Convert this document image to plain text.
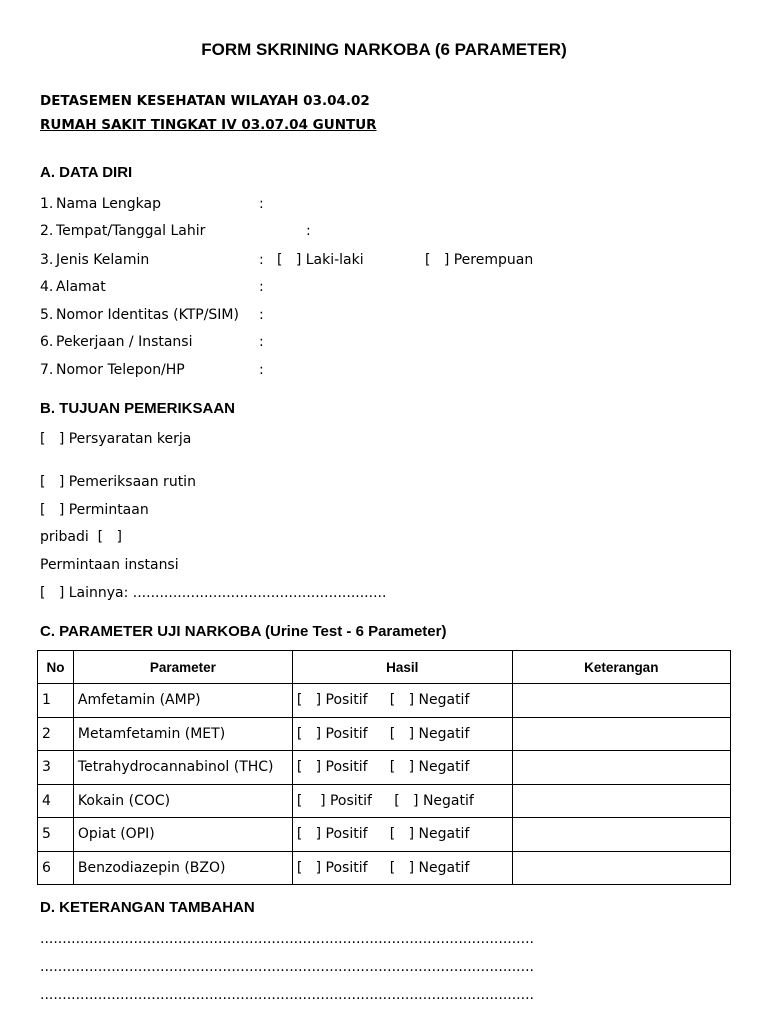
FORM SKRINING NARKOBA (6 PARAMETER)
DETASEMEN KESEHATAN WILAYAH 03.04.02
RUMAH SAKIT TINGKAT IV 03.07.04 GUNTUR
A. DATA DIRI
1. Nama Lengkap	:
2. Tempat/Tanggal Lahir	:
3. Jenis Kelamin	: [   ] Laki-laki	[   ] Perempuan
4. Alamat	:
5. Nomor Identitas (KTP/SIM) :
6. Pekerjaan / Instansi	:
7. Nomor Telepon/HP	:
B. TUJUAN PEMERIKSAAN
[   ] Persyaratan kerja
[   ] Pemeriksaan rutin
[   ] Permintaan
pribadi  [   ]
Permintaan instansi
[   ] Lainnya: .........................................................
C. PARAMETER UJI NARKOBA (Urine Test - 6 Parameter)
No	Parameter	Hasil	Keterangan
1	Amfetamin (AMP)	[   ] Positif     [   ] Negatif	
2	Metamfetamin (MET)	[   ] Positif     [   ] Negatif	
3	Tetrahydrocannabinol (THC)	[   ] Positif     [   ] Negatif	
4	Kokain (COC)	[    ] Positif     [   ] Negatif	
5	Opiat (OPI)	[   ] Positif     [   ] Negatif	
6	Benzodiazepin (BZO)	[   ] Positif     [   ] Negatif	
D. KETERANGAN TAMBAHAN
...............................................................................................................
...............................................................................................................
...............................................................................................................
